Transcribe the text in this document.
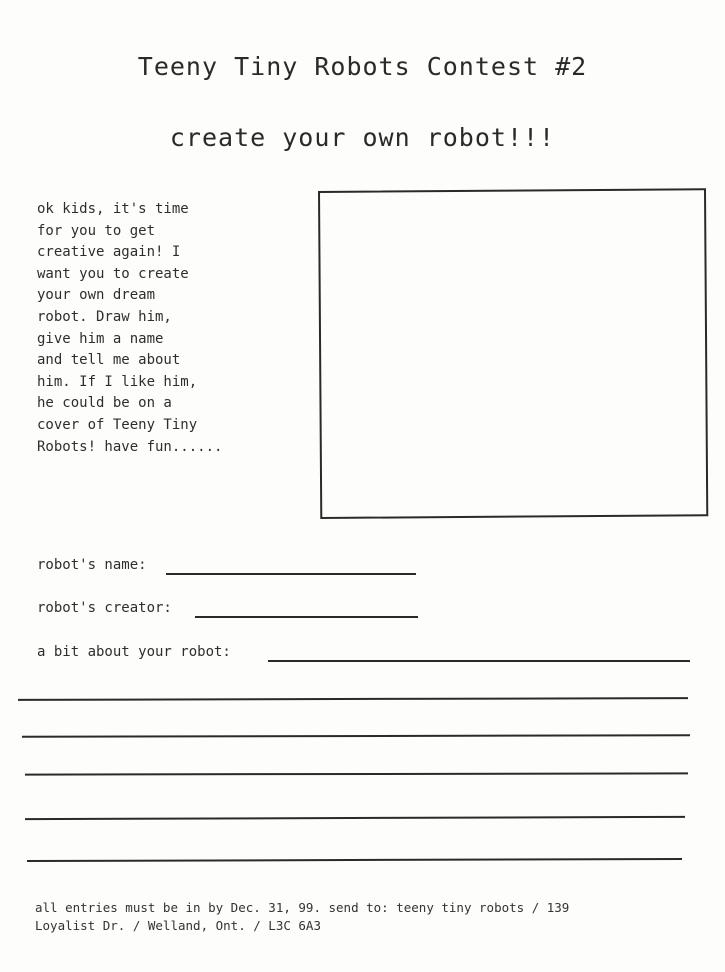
Teeny Tiny Robots Contest #2
create your own robot!!!
ok kids, it's time
for you to get
creative again! I
want you to create
your own dream
robot. Draw him,
give him a name
and tell me about
him. If I like him,
he could be on a
cover of Teeny Tiny
Robots! have fun......
robot's name:
robot's creator:
a bit about your robot:
all entries must be in by Dec. 31, 99. send to: teeny tiny robots / 139
Loyalist Dr. / Welland, Ont. / L3C 6A3
